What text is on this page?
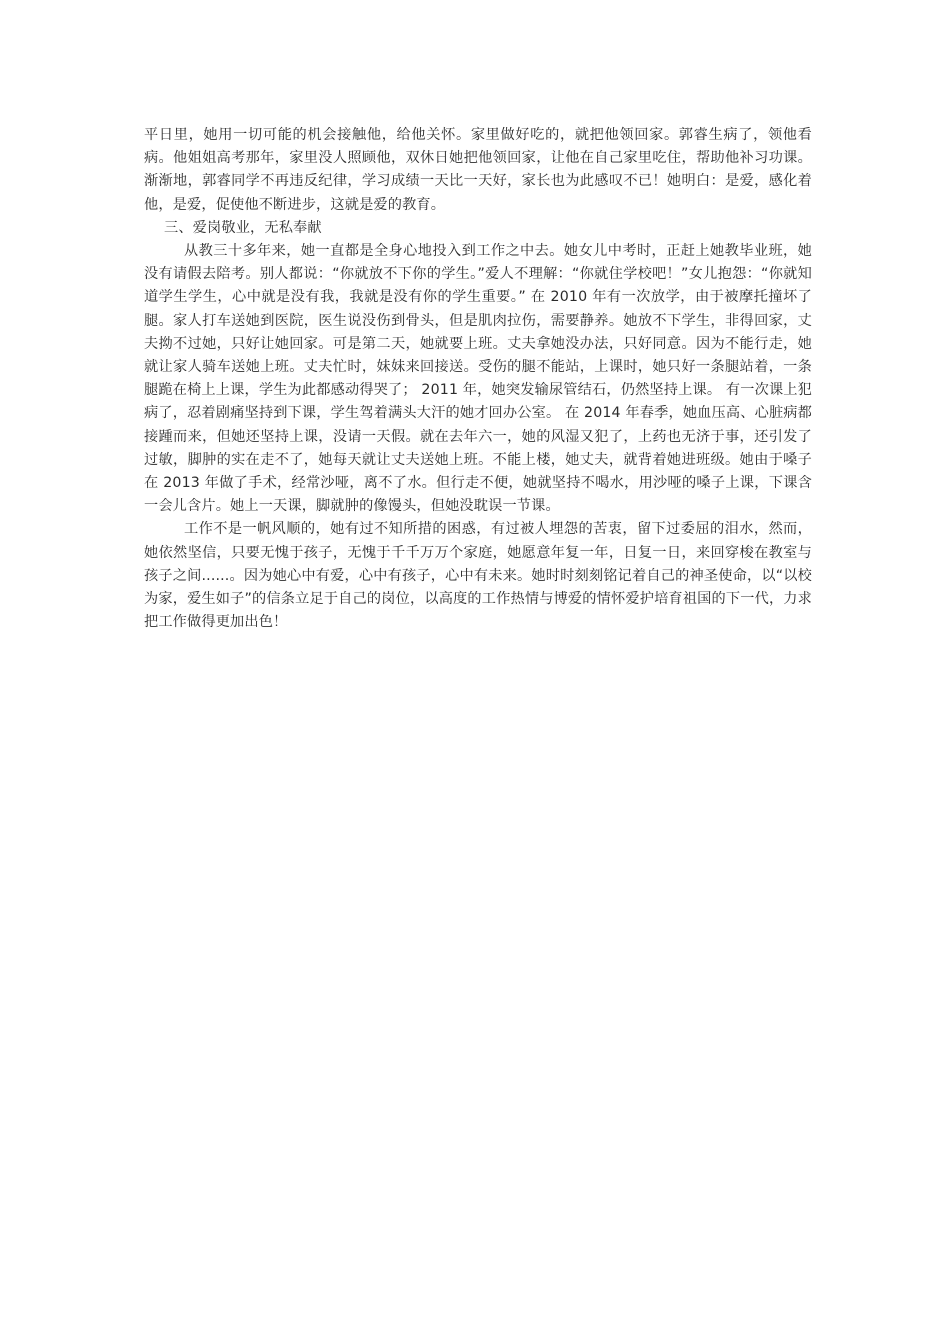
平日里，她用一切可能的机会接触他，给他关怀。家里做好吃的，就把他领回家。郭睿生病了，领他看病。他姐姐高考那年，家里没人照顾他，双休日她把他领回家，让他在自己家里吃住，帮助他补习功课。渐渐地，郭睿同学不再违反纪律，学习成绩一天比一天好，家长也为此感叹不已！她明白：是爱，感化着他，是爱，促使他不断进步，这就是爱的教育。

三、爱岗敬业，无私奉献

从教三十多年来，她一直都是全身心地投入到工作之中去。她女儿中考时，正赶上她教毕业班，她没有请假去陪考。别人都说：“你就放不下你的学生。”爱人不理解：“你就住学校吧！”女儿抱怨：“你就知道学生学生，心中就是没有我，我就是没有你的学生重要。” 在 2010 年有一次放学，由于被摩托撞坏了腿。家人打车送她到医院，医生说没伤到骨头，但是肌肉拉伤，需要静养。她放不下学生，非得回家，丈夫拗不过她，只好让她回家。可是第二天，她就要上班。丈夫拿她没办法，只好同意。因为不能行走，她就让家人骑车送她上班。丈夫忙时，妹妹来回接送。受伤的腿不能站，上课时，她只好一条腿站着，一条腿跪在椅上上课，学生为此都感动得哭了； 2011 年，她突发输尿管结石，仍然坚持上课。 有一次课上犯病了，忍着剧痛坚持到下课，学生驾着满头大汗的她才回办公室。 在 2014 年春季，她血压高、心脏病都接踵而来，但她还坚持上课，没请一天假。就在去年六一，她的风湿又犯了，上药也无济于事，还引发了过敏，脚肿的实在走不了，她每天就让丈夫送她上班。不能上楼，她丈夫，就背着她进班级。她由于嗓子在 2013 年做了手术，经常沙哑，离不了水。但行走不便，她就坚持不喝水，用沙哑的嗓子上课，下课含一会儿含片。她上一天课，脚就肿的像馒头，但她没耽误一节课。

工作不是一帆风顺的，她有过不知所措的困惑，有过被人埋怨的苦衷，留下过委屈的泪水，然而，她依然坚信，只要无愧于孩子，无愧于千千万万个家庭，她愿意年复一年，日复一日，来回穿梭在教室与孩子之间......。因为她心中有爱，心中有孩子，心中有未来。她时时刻刻铭记着自己的神圣使命，以“以校为家，爱生如子”的信条立足于自己的岗位，以高度的工作热情与博爱的情怀爱护培育祖国的下一代，力求把工作做得更加出色！
